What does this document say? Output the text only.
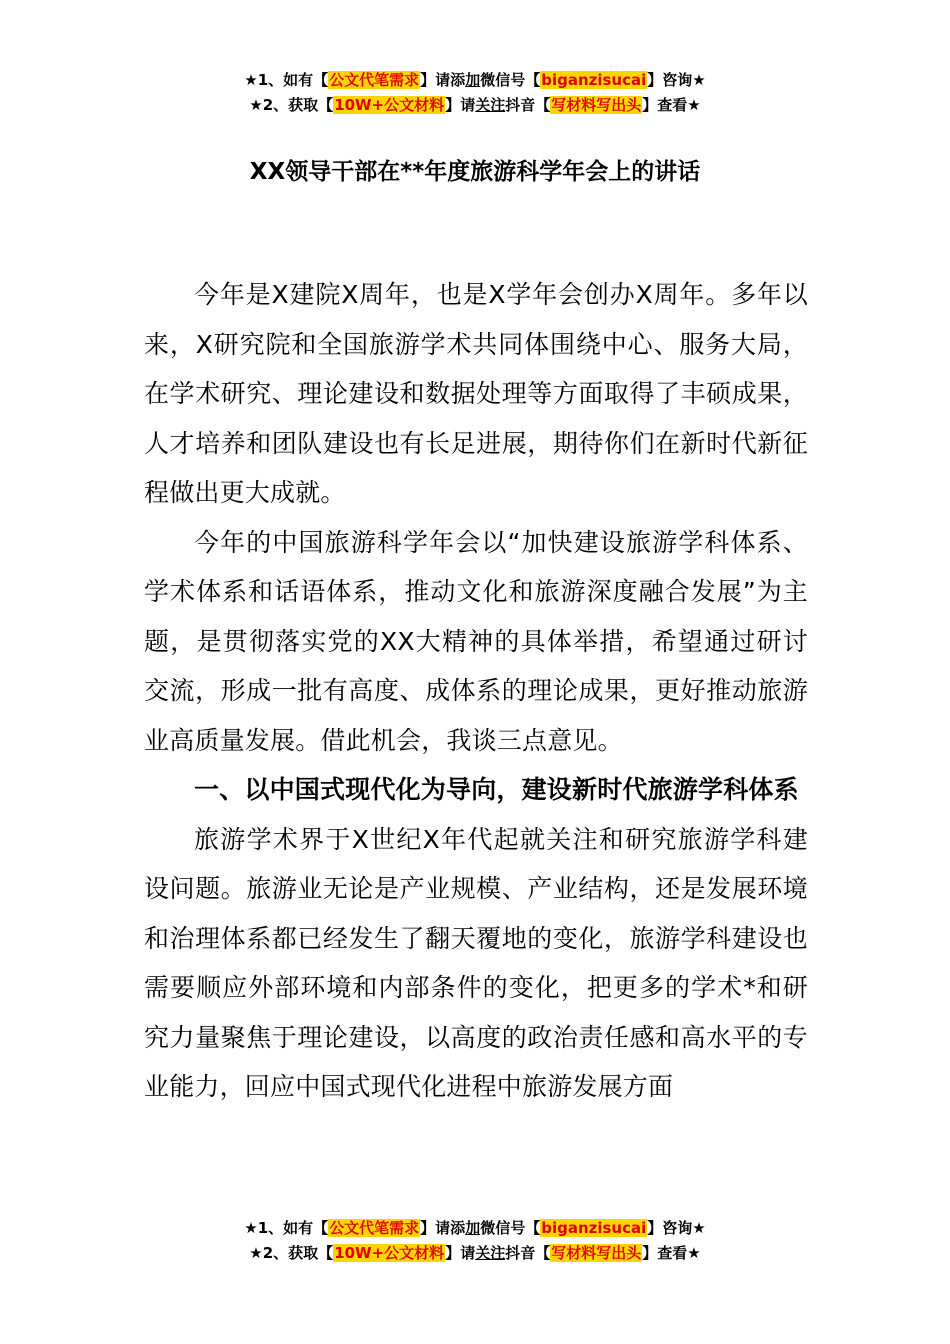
★1、如有【公文代笔需求】请添加微信号【biganzisucai】咨询★
★2、获取【10W+公文材料】请关注抖音【写材料写出头】查看★
XX领导干部在**年度旅游科学年会上的讲话

今年是X建院X周年，也是X学年会创办X周年。多年以来，X研究院和全国旅游学术共同体围绕中心、服务大局，在学术研究、理论建设和数据处理等方面取得了丰硕成果，人才培养和团队建设也有长足进展，期待你们在新时代新征程做出更大成就。

今年的中国旅游科学年会以“加快建设旅游学科体系、学术体系和话语体系，推动文化和旅游深度融合发展”为主题，是贯彻落实党的XX大精神的具体举措，希望通过研讨交流，形成一批有高度、成体系的理论成果，更好推动旅游业高质量发展。借此机会，我谈三点意见。

一、以中国式现代化为导向，建设新时代旅游学科体系

旅游学术界于X世纪X年代起就关注和研究旅游学科建设问题。旅游业无论是产业规模、产业结构，还是发展环境和治理体系都已经发生了翻天覆地的变化，旅游学科建设也需要顺应外部环境和内部条件的变化，把更多的学术*和研究力量聚焦于理论建设，以高度的政治责任感和高水平的专业能力，回应中国式现代化进程中旅游发展方面

★1、如有【公文代笔需求】请添加微信号【biganzisucai】咨询★
★2、获取【10W+公文材料】请关注抖音【写材料写出头】查看★
